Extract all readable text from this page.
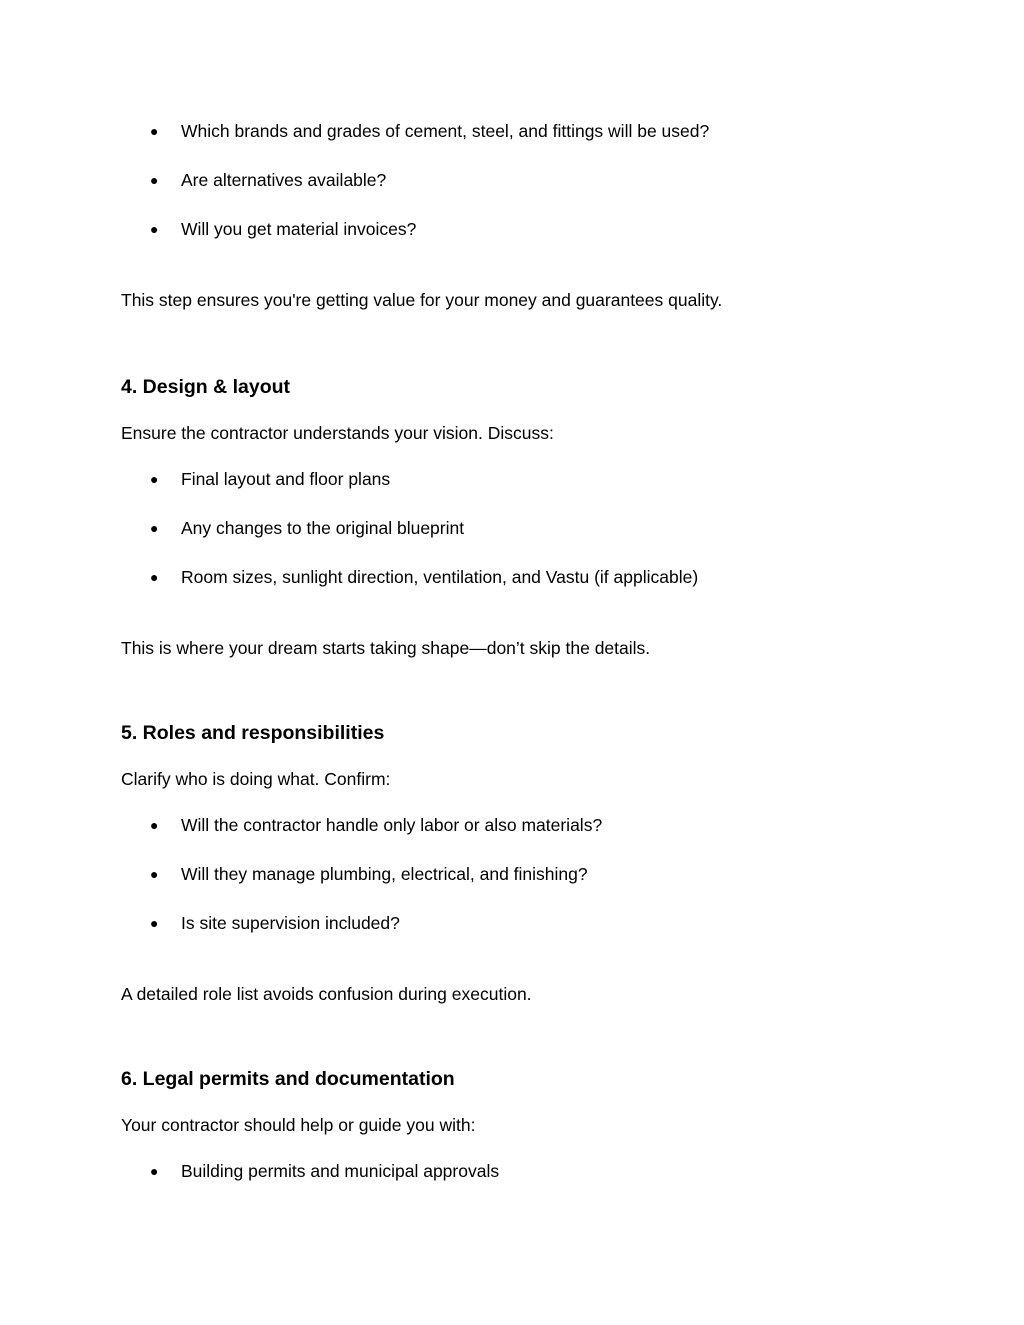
● Which brands and grades of cement, steel, and fittings will be used?
● Are alternatives available?
● Will you get material invoices?

This step ensures you're getting value for your money and guarantees quality.

4. Design & layout

Ensure the contractor understands your vision. Discuss:

● Final layout and floor plans
● Any changes to the original blueprint
● Room sizes, sunlight direction, ventilation, and Vastu (if applicable)

This is where your dream starts taking shape—don’t skip the details.

5. Roles and responsibilities

Clarify who is doing what. Confirm:

● Will the contractor handle only labor or also materials?
● Will they manage plumbing, electrical, and finishing?
● Is site supervision included?

A detailed role list avoids confusion during execution.

6. Legal permits and documentation

Your contractor should help or guide you with:

● Building permits and municipal approvals
